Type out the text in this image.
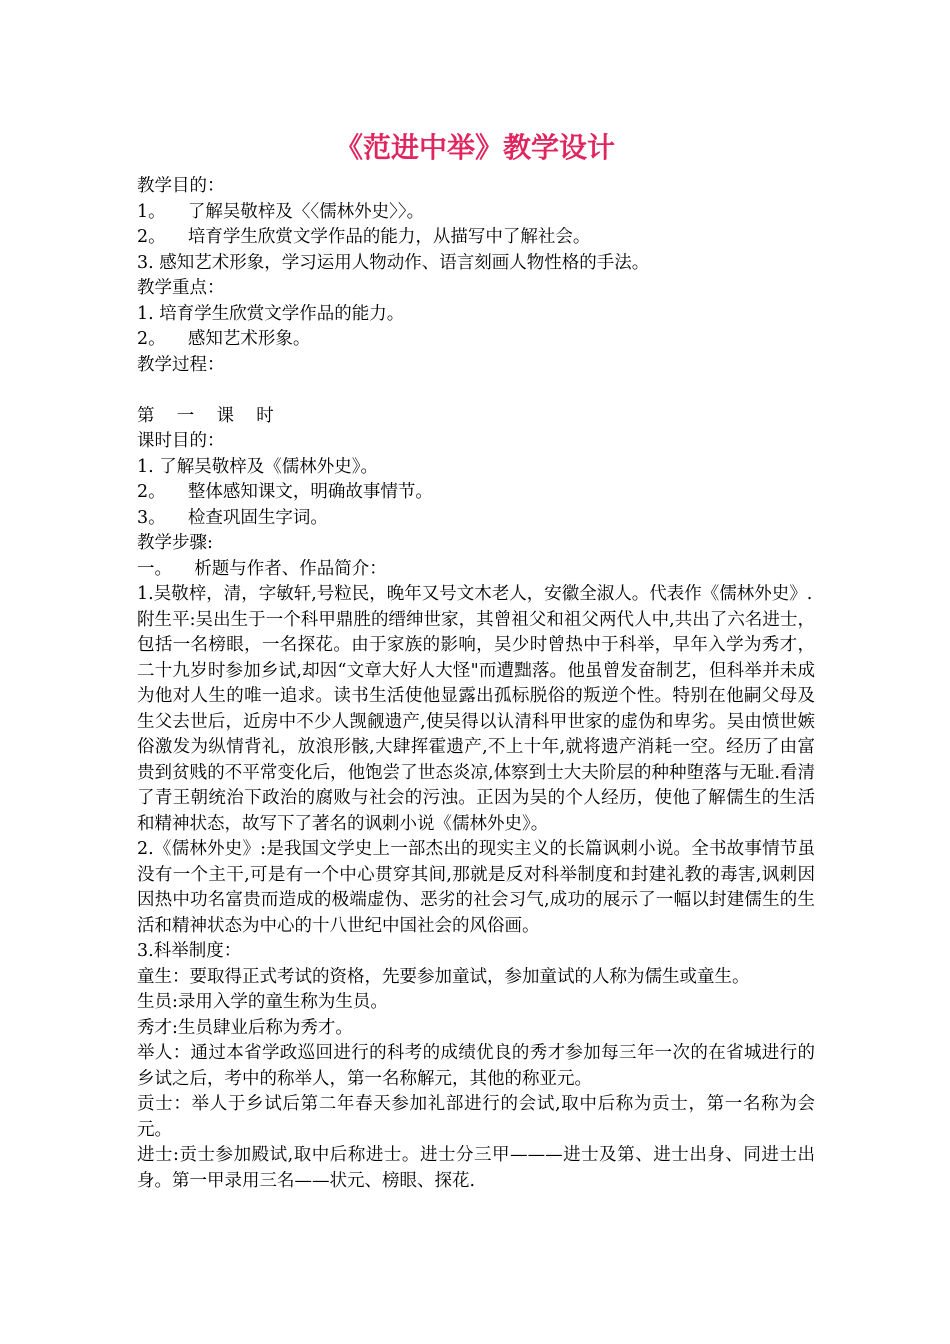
《范进中举》教学设计
教学目的：
1。    了解吴敬梓及〈〈儒林外史〉〉。
2。    培育学生欣赏文学作品的能力，从描写中了解社会。
3. 感知艺术形象，学习运用人物动作、语言刻画人物性格的手法。
教学重点：
1. 培育学生欣赏文学作品的能力。
2。    感知艺术形象。
教学过程：
第    一    课    时
课时目的：
1. 了解吴敬梓及《儒林外史》。
2。    整体感知课文，明确故事情节。
3。    检查巩固生字词。
教学步骤:
一。    析题与作者、作品简介：
1.吴敬梓，清，字敏轩,号粒民，晚年又号文木老人，安徽全淑人。代表作《儒林外史》.
附生平:吴出生于一个科甲鼎胜的缙绅世家，其曾祖父和祖父两代人中,共出了六名进士，包括一名榜眼，一名探花。由于家族的影响，吴少时曾热中于科举，早年入学为秀才，二十九岁时参加乡试,却因“文章大好人大怪"而遭黜落。他虽曾发奋制艺，但科举并未成为他对人生的唯一追求。读书生活使他显露出孤标脱俗的叛逆个性。特别在他嗣父母及生父去世后，近房中不少人觊觎遗产,使吴得以认清科甲世家的虚伪和卑劣。吴由愤世嫉俗激发为纵情背礼，放浪形骸,大肆挥霍遗产,不上十年,就将遗产消耗一空。经历了由富贵到贫贱的不平常变化后，他饱尝了世态炎凉,体察到士大夫阶层的种种堕落与无耻.看清了青王朝统治下政治的腐败与社会的污浊。正因为吴的个人经历，使他了解儒生的生活和精神状态，故写下了著名的讽刺小说《儒林外史》。
2.《儒林外史》:是我国文学史上一部杰出的现实主义的长篇讽刺小说。全书故事情节虽没有一个主干,可是有一个中心贯穿其间,那就是反对科举制度和封建礼教的毒害,讽刺因因热中功名富贵而造成的极端虚伪、恶劣的社会习气,成功的展示了一幅以封建儒生的生活和精神状态为中心的十八世纪中国社会的风俗画。
3.科举制度：
童生：要取得正式考试的资格，先要参加童试，参加童试的人称为儒生或童生。
生员:录用入学的童生称为生员。
秀才:生员肆业后称为秀才。
举人：通过本省学政巡回进行的科考的成绩优良的秀才参加每三年一次的在省城进行的乡试之后，考中的称举人，第一名称解元，其他的称亚元。
贡士：举人于乡试后第二年春天参加礼部进行的会试,取中后称为贡士，第一名称为会元。
进士:贡士参加殿试,取中后称进士。进士分三甲———进士及第、进士出身、同进士出身。第一甲录用三名——状元、榜眼、探花.
